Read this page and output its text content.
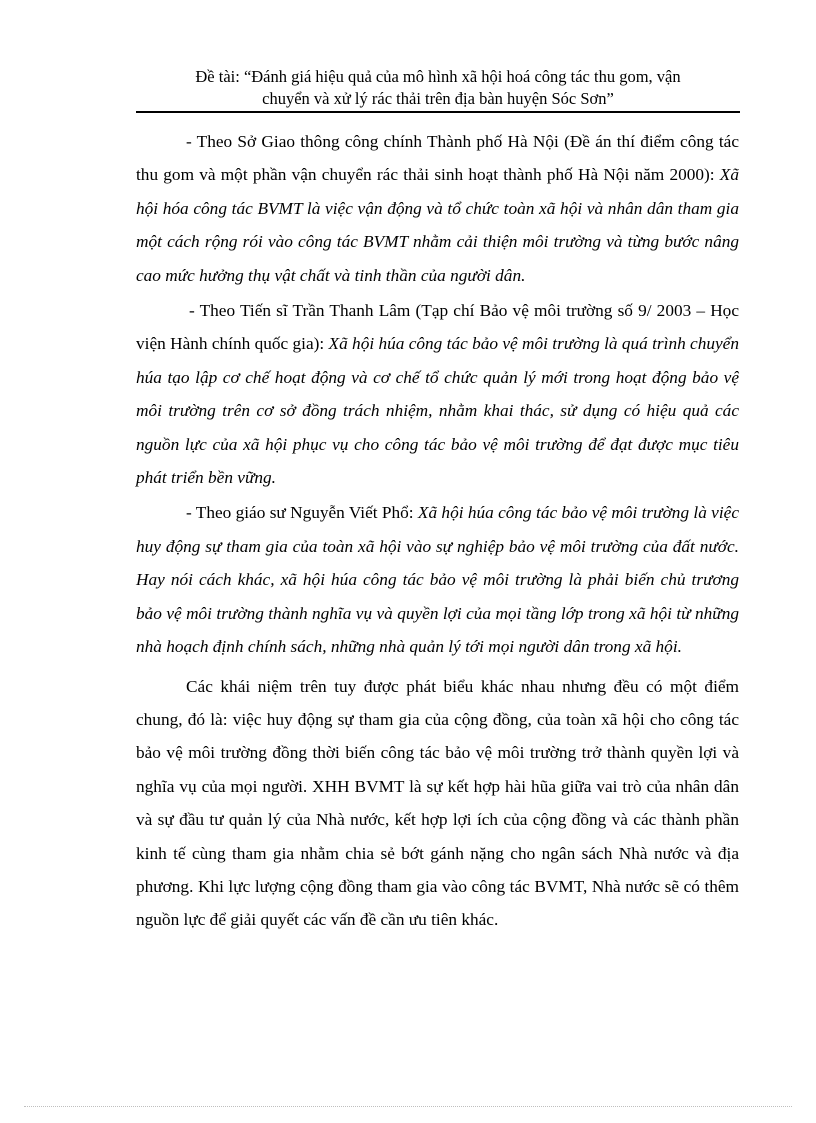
Đề tài: “Đánh giá hiệu quả của mô hình xã hội hoá công tác thu gom, vận
chuyển và xử lý rác thải trên địa bàn huyện Sóc Sơn”

- Theo Sở Giao thông công chính Thành phố Hà Nội (Đề án thí điểm công tác thu gom và một phần vận chuyển rác thải sinh hoạt thành phố Hà Nội năm 2000): Xã hội hóa công tác BVMT là việc vận động và tổ chức toàn xã hội và nhân dân tham gia một cách rộng rói vào công tác BVMT nhằm cải thiện môi trường và từng bước nâng cao mức hưởng thụ vật chất và tinh thần của người dân.

- Theo Tiến sĩ Trần Thanh Lâm (Tạp chí Bảo vệ môi trường số 9/ 2003 – Học viện Hành chính quốc gia): Xã hội húa công tác bảo vệ môi trường là quá trình chuyển húa tạo lập cơ chế hoạt động và cơ chế tổ chức quản lý mới trong hoạt động bảo vệ môi trường trên cơ sở đồng trách nhiệm, nhằm khai thác, sử dụng có hiệu quả các nguồn lực của xã hội phục vụ cho công tác bảo vệ môi trường để đạt được mục tiêu phát triển bền vững.

- Theo giáo sư Nguyễn Viết Phổ: Xã hội húa công tác bảo vệ môi trường là việc huy động sự tham gia của toàn xã hội vào sự nghiệp bảo vệ môi trường của đất nước. Hay nói cách khác, xã hội húa công tác bảo vệ môi trường là phải biến chủ trương bảo vệ môi trường thành nghĩa vụ và quyền lợi của mọi tầng lớp trong xã hội từ những nhà hoạch định chính sách, những nhà quản lý tới mọi người dân trong xã hội.

Các khái niệm trên tuy được phát biểu khác nhau nhưng đều có một điểm chung, đó là: việc huy động sự tham gia của cộng đồng, của toàn xã hội cho công tác bảo vệ môi trường đồng thời biến công tác bảo vệ môi trường trở thành quyền lợi và nghĩa vụ của mọi người. XHH BVMT là sự kết hợp hài hũa giữa vai trò của nhân dân và sự đầu tư quản lý của Nhà nước, kết hợp lợi ích của cộng đồng và các thành phần kinh tế cùng tham gia nhằm chia sẻ bớt gánh nặng cho ngân sách Nhà nước và địa phương. Khi lực lượng cộng đồng tham gia vào công tác BVMT, Nhà nước sẽ có thêm nguồn lực để giải quyết các vấn đề cần ưu tiên khác.
